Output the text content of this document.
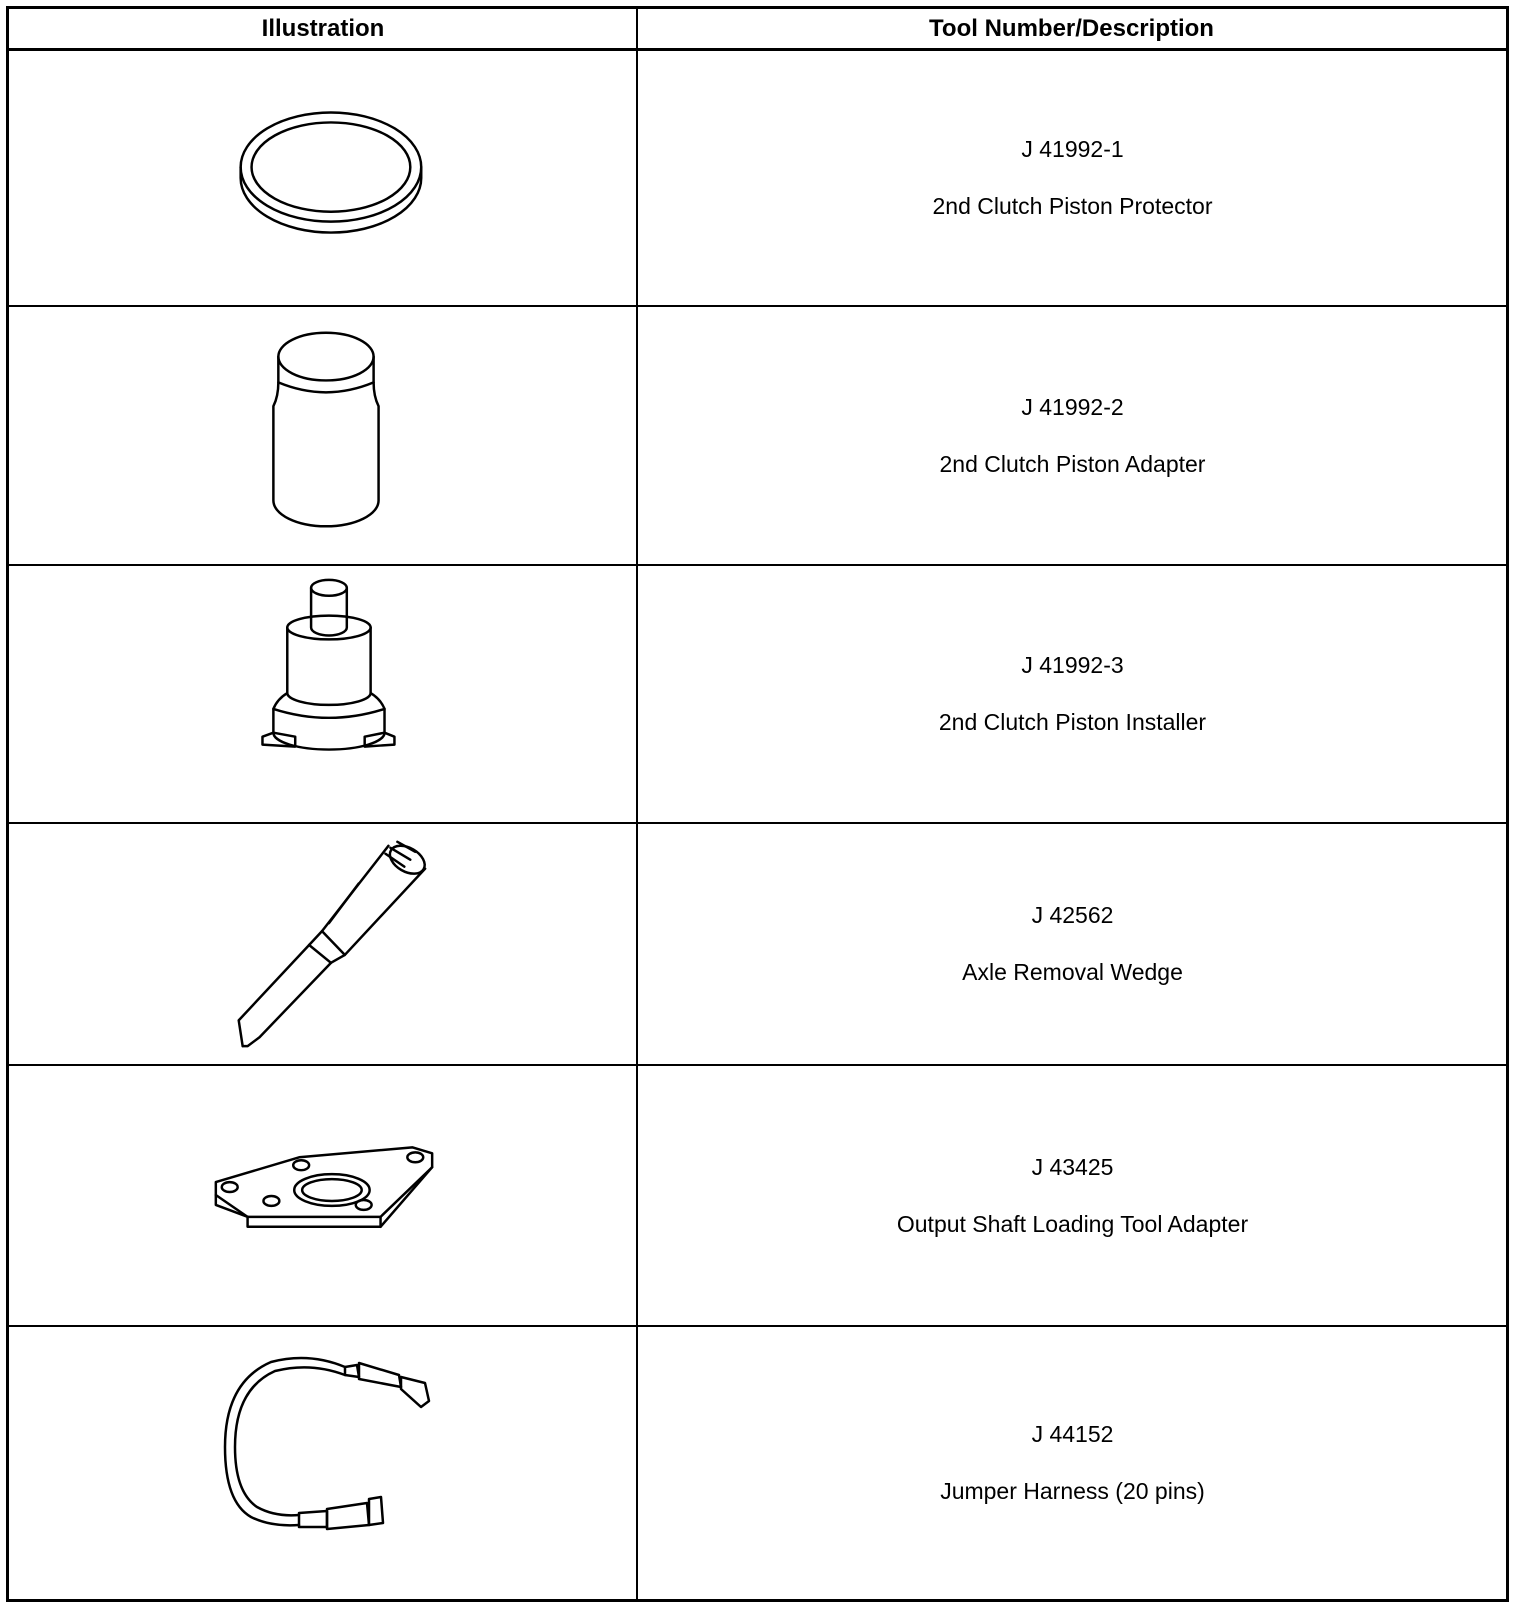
Illustration	Tool Number/Description
J 41992-1
2nd Clutch Piston Protector
J 41992-2
2nd Clutch Piston Adapter
J 41992-3
2nd Clutch Piston Installer
J 42562
Axle Removal Wedge
J 43425
Output Shaft Loading Tool Adapter
J 44152
Jumper Harness (20 pins)
